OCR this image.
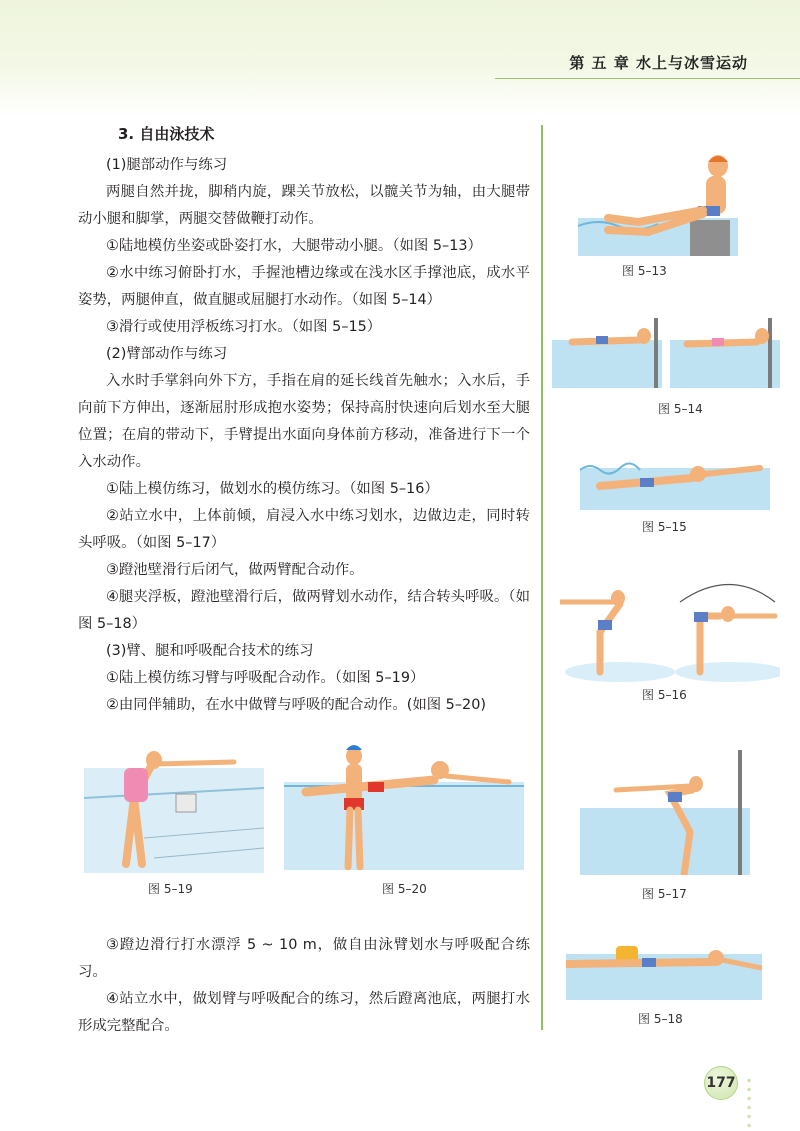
第 五 章 水上与冰雪运动

3. 自由泳技术

(1)腿部动作与练习

两腿自然并拢，脚稍内旋，踝关节放松，以髋关节为轴，由大腿带动小腿和脚掌，两腿交替做鞭打动作。

①陆地模仿坐姿或卧姿打水，大腿带动小腿。（如图 5–13）

②水中练习俯卧打水，手握池槽边缘或在浅水区手撑池底，成水平姿势，两腿伸直，做直腿或屈腿打水动作。（如图 5–14）

③滑行或使用浮板练习打水。（如图 5–15）

(2)臂部动作与练习

入水时手掌斜向外下方，手指在肩的延长线首先触水；入水后，手向前下方伸出，逐渐屈肘形成抱水姿势；保持高肘快速向后划水至大腿位置；在肩的带动下，手臂提出水面向身体前方移动，准备进行下一个入水动作。

①陆上模仿练习，做划水的模仿练习。（如图 5–16）

②站立水中，上体前倾，肩浸入水中练习划水，边做边走，同时转头呼吸。（如图 5–17）

③蹬池壁滑行后闭气，做两臂配合动作。

④腿夹浮板，蹬池壁滑行后，做两臂划水动作，结合转头呼吸。（如图 5–18）

(3)臂、腿和呼吸配合技术的练习

①陆上模仿练习臂与呼吸配合动作。（如图 5–19）

②由同伴辅助，在水中做臂与呼吸的配合动作。(如图 5–20)

③蹬边滑行打水漂浮 5 ~ 10 m，做自由泳臂划水与呼吸配合练习。

④站立水中，做划臂与呼吸配合的练习，然后蹬离池底，两腿打水形成完整配合。

图 5–13
图 5–14
图 5–15
图 5–16
图 5–17
图 5–18
图 5–19	图 5–20
177
